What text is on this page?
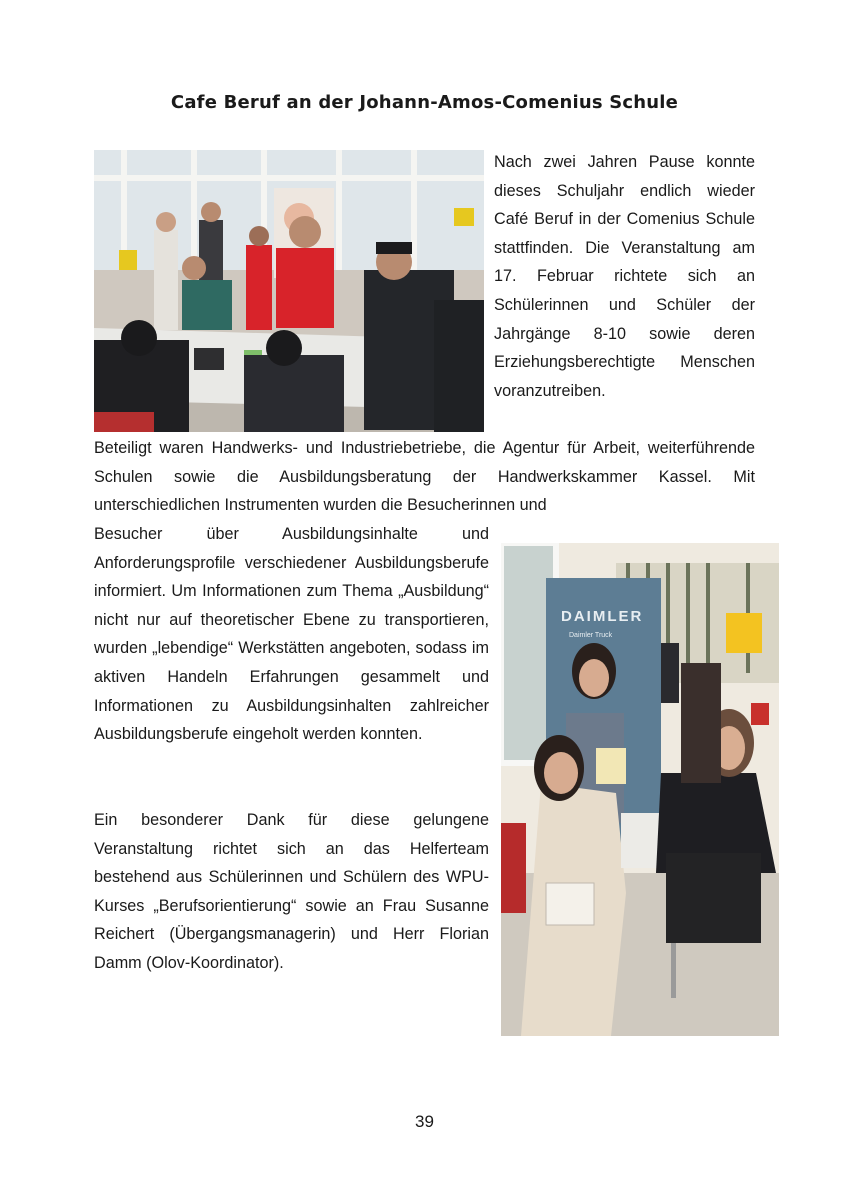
Cafe Beruf an der Johann-Amos-Comenius Schule
Nach zwei Jahren Pause konnte dieses Schuljahr endlich wieder Café Beruf in der Comenius Schule stattfinden. Die Veranstaltung am 17. Februar richtete sich an Schülerinnen und Schüler der Jahrgänge 8-10 sowie deren Erziehungsberechtigte Menschen voranzutreiben.
Beteiligt waren Handwerks- und Industriebetriebe, die Agentur für Arbeit, weiterführende Schulen sowie die Ausbildungsberatung der Handwerkskammer Kassel. Mit unterschiedlichen Instrumenten wurden die Besucherinnen und
Besucher über Ausbildungsinhalte und Anforderungsprofile verschiedener Ausbildungsberufe informiert. Um Informationen zum Thema „Ausbildung“ nicht nur auf theoretischer Ebene zu transportieren, wurden „lebendige“ Werkstätten angeboten, sodass im aktiven Handeln Erfahrungen gesammelt und Informationen zu Ausbildungsinhalten zahlreicher Ausbildungsberufe eingeholt werden konnten.
Ein besonderer Dank für diese gelungene Veranstaltung richtet sich an das Helferteam bestehend aus Schülerinnen und Schülern des WPU-Kurses „Berufsorientierung“ sowie an Frau Susanne Reichert (Übergangsmanagerin) und Herr Florian Damm (Olov-Koordinator).
DAIMLER
Daimler Truck
39
